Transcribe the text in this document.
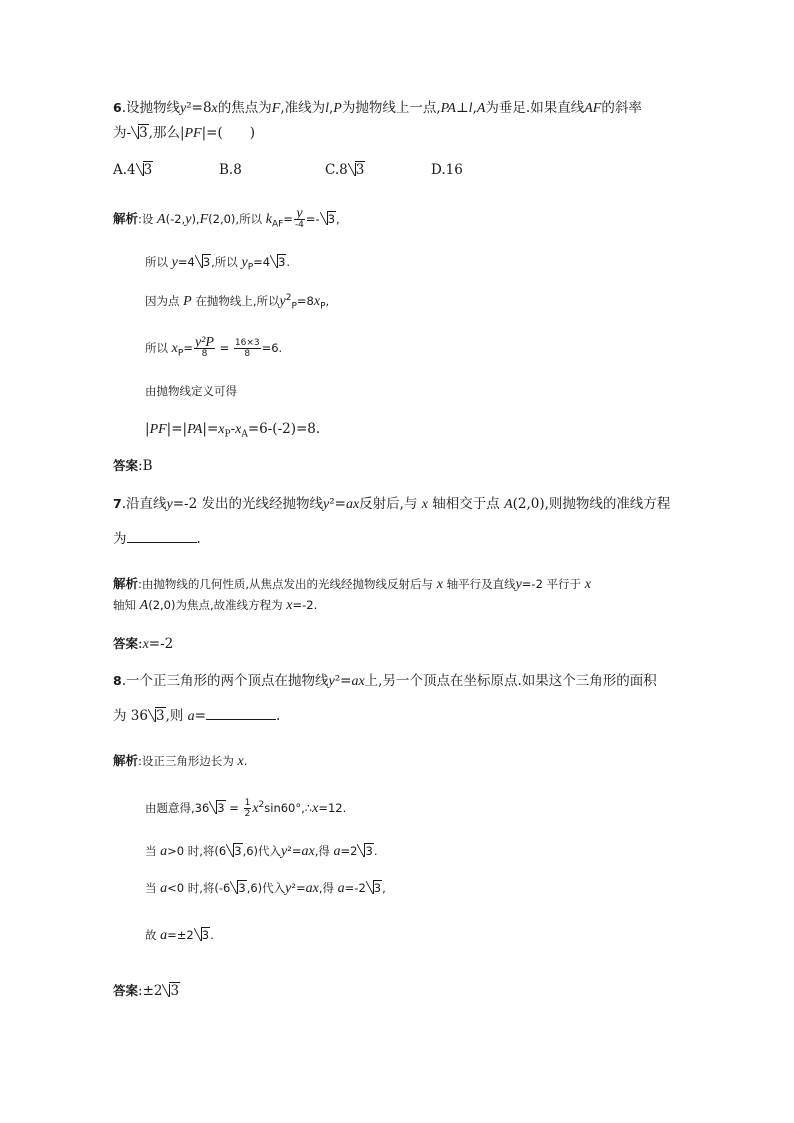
6.设抛物线y²=8x的焦点为F,准线为l,P为抛物线上一点,PA⊥l,A为垂足.如果直线AF的斜率
为- 3,那么|PF|=(　　)
A.4 3	B.8	C.8 3	D.16
解析:设 A(-2,y),F(2,0),所以 $k_{AF}= \frac{y}{-4} =- 3$,
所以 y=4 3,所以 $y_P=4$ 3.
因为点 P 在抛物线上,所以$y^2_P=8x_P$,
所以 $x_P= \frac{\text{y²P}}{8} = \frac{16\times 3}{8} =6$.
由抛物线定义可得
$|PF|=|PA|=x_P-x_A=6-(-2)=8$.
答案:B
7.沿直线y=-2 发出的光线经抛物线y²=ax反射后,与 x 轴相交于点 A(2,0),则抛物线的准线方程
为	.
解析:由抛物线的几何性质,从焦点发出的光线经抛物线反射后与 x 轴平行及直线y=-2 平行于 x
轴知 A(2,0)为焦点,故准线方程为 x=-2.
答案:x=-2
8.一个正三角形的两个顶点在抛物线y²=ax上,另一个顶点在坐标原点.如果这个三角形的面积
为 36 3,则 a=	.
解析:设正三角形边长为 x.
由题意得,36 $3 = \frac{1}{2}$ $x^2\sin 60^\circ,\therefore x=12$.
当 a>0 时,将(6 3,6)代入y²=ax,得 a=2 3.
当 a<0 时,将(-6 3,6)代入y²=ax,得 a=-2 3,
故 a=±2 3.
答案:±2 3
